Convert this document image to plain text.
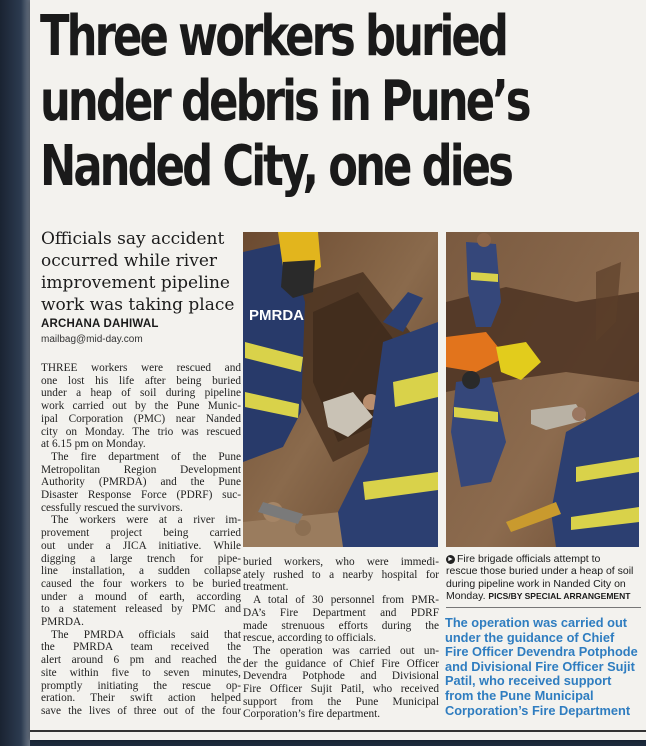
Three workers buried
under debris in Pune’s
Nanded City, one dies
Officials say accident
occurred while river
improvement pipeline
work was taking place
ARCHANA DAHIWAL
mailbag@mid-day.com
THREE workers were rescued and
one lost his life after being buried
under a heap of soil during pipeline
work carried out by the Pune Munic-
ipal Corporation (PMC) near Nanded
city on Monday. The trio was rescued
at 6.15 pm on Monday.
The fire department of the Pune
Metropolitan Region Development
Authority (PMRDA) and the Pune
Disaster Response Force (PDRF) suc-
cessfully rescued the survivors.
The workers were at a river im-
provement project being carried
out under a JICA initiative. While
digging a large trench for pipe-
line installation, a sudden collapse
caused the four workers to be buried
under a mound of earth, according
to a statement released by PMC and
PMRDA.
The PMRDA officials said that
the PMRDA team received the
alert around 6 pm and reached the
site within five to seven minutes,
promptly initiating the rescue op-
eration. Their swift action helped
save the lives of three out of the four
PMRDA
buried workers, who were immedi-
ately rushed to a nearby hospital for
treatment.
A total of 30 personnel from PMR-
DA’s Fire Department and PDRF
made strenuous efforts during the
rescue, according to officials.
The operation was carried out un-
der the guidance of Chief Fire Officer
Devendra Potphode and Divisional
Fire Officer Sujit Patil, who received
support from the Pune Municipal
Corporation’s fire department.
► Fire brigade officials attempt to
rescue those buried under a heap of soil
during pipeline work in Nanded City on
Monday. PICS/BY SPECIAL ARRANGEMENT
The operation was carried out
under the guidance of Chief
Fire Officer Devendra Potphode
and Divisional Fire Officer Sujit
Patil, who received support
from the Pune Municipal
Corporation’s Fire Department
